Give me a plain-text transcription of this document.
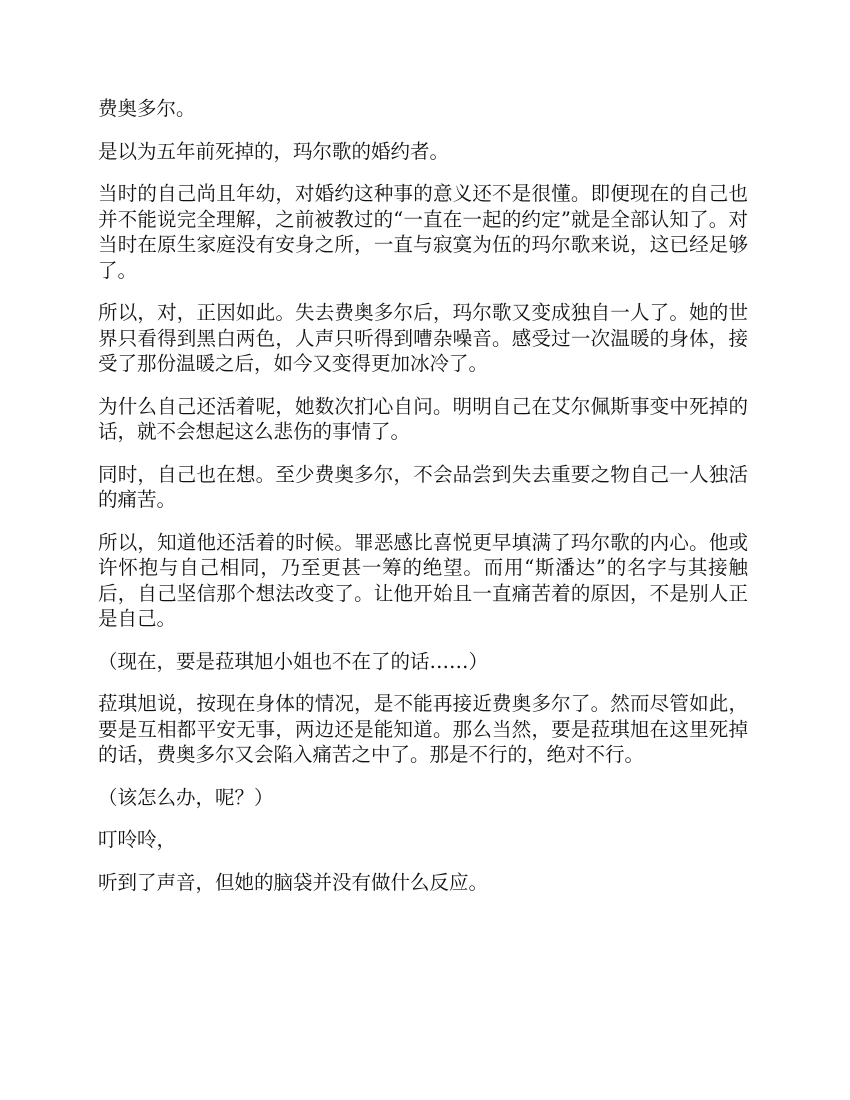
费奥多尔。

是以为五年前死掉的，玛尔歌的婚约者。

当时的自己尚且年幼，对婚约这种事的意义还不是很懂。即便现在的自己也并不能说完全理解，之前被教过的“一直在一起的约定”就是全部认知了。对当时在原生家庭没有安身之所，一直与寂寞为伍的玛尔歌来说，这已经足够了。

所以，对，正因如此。失去费奥多尔后，玛尔歌又变成独自一人了。她的世界只看得到黑白两色，人声只听得到嘈杂噪音。感受过一次温暖的身体，接受了那份温暖之后，如今又变得更加冰冷了。

为什么自己还活着呢，她数次扪心自问。明明自己在艾尔佩斯事变中死掉的话，就不会想起这么悲伤的事情了。

同时，自己也在想。至少费奥多尔，不会品尝到失去重要之物自己一人独活的痛苦。

所以，知道他还活着的时候。罪恶感比喜悦更早填满了玛尔歌的内心。他或许怀抱与自己相同，乃至更甚一筹的绝望。而用“斯潘达”的名字与其接触后，自己坚信那个想法改变了。让他开始且一直痛苦着的原因，不是别人正是自己。

（现在，要是菈琪旭小姐也不在了的话……）

菈琪旭说，按现在身体的情况，是不能再接近费奥多尔了。然而尽管如此，要是互相都平安无事，两边还是能知道。那么当然，要是菈琪旭在这里死掉的话，费奥多尔又会陷入痛苦之中了。那是不行的，绝对不行。

（该怎么办，呢？）

叮呤呤，

听到了声音，但她的脑袋并没有做什么反应。
